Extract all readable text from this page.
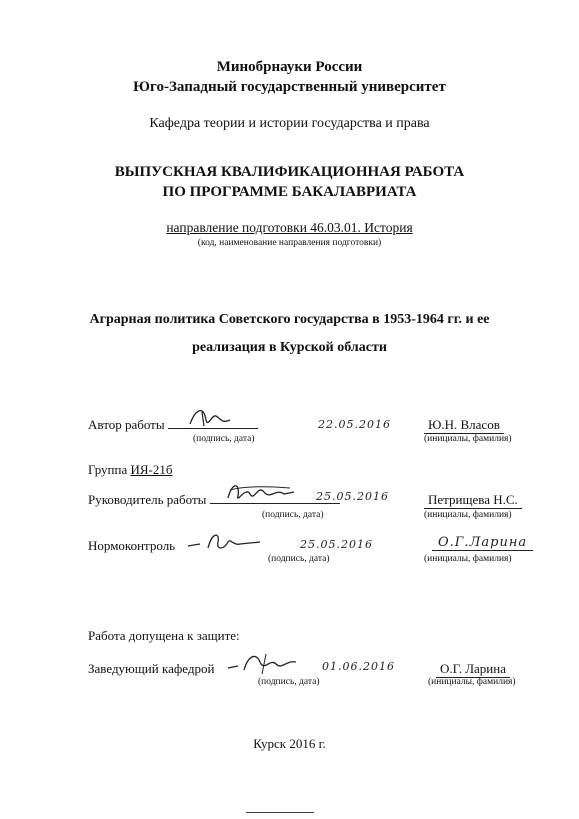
Минобрнауки России
Юго-Западный государственный университет
Кафедра теории и истории государства и права
ВЫПУСКНАЯ КВАЛИФИКАЦИОННАЯ РАБОТА
ПО ПРОГРАММЕ БАКАЛАВРИАТА
направление подготовки 46.03.01. История
(код, наименование направления подготовки)
Аграрная политика Советского государства в 1953-1964 гг. и ее
реализация в Курской области
Автор работы	22.05.2016	Ю.Н. Власов
(подпись, дата)	(инициалы, фамилия)
Группа ИЯ-21б
Руководитель работы	25.05.2016	Петрищева Н.С.
(подпись, дата)	(инициалы, фамилия)
Нормоконтроль	25.05.2016	О.Г.Ларина
(подпись, дата)	(инициалы, фамилия)
Работа допущена к защите:
Заведующий кафедрой	01.06.2016	О.Г. Ларина
(подпись, дата)	(инициалы, фамилия)
Курск 2016 г.
